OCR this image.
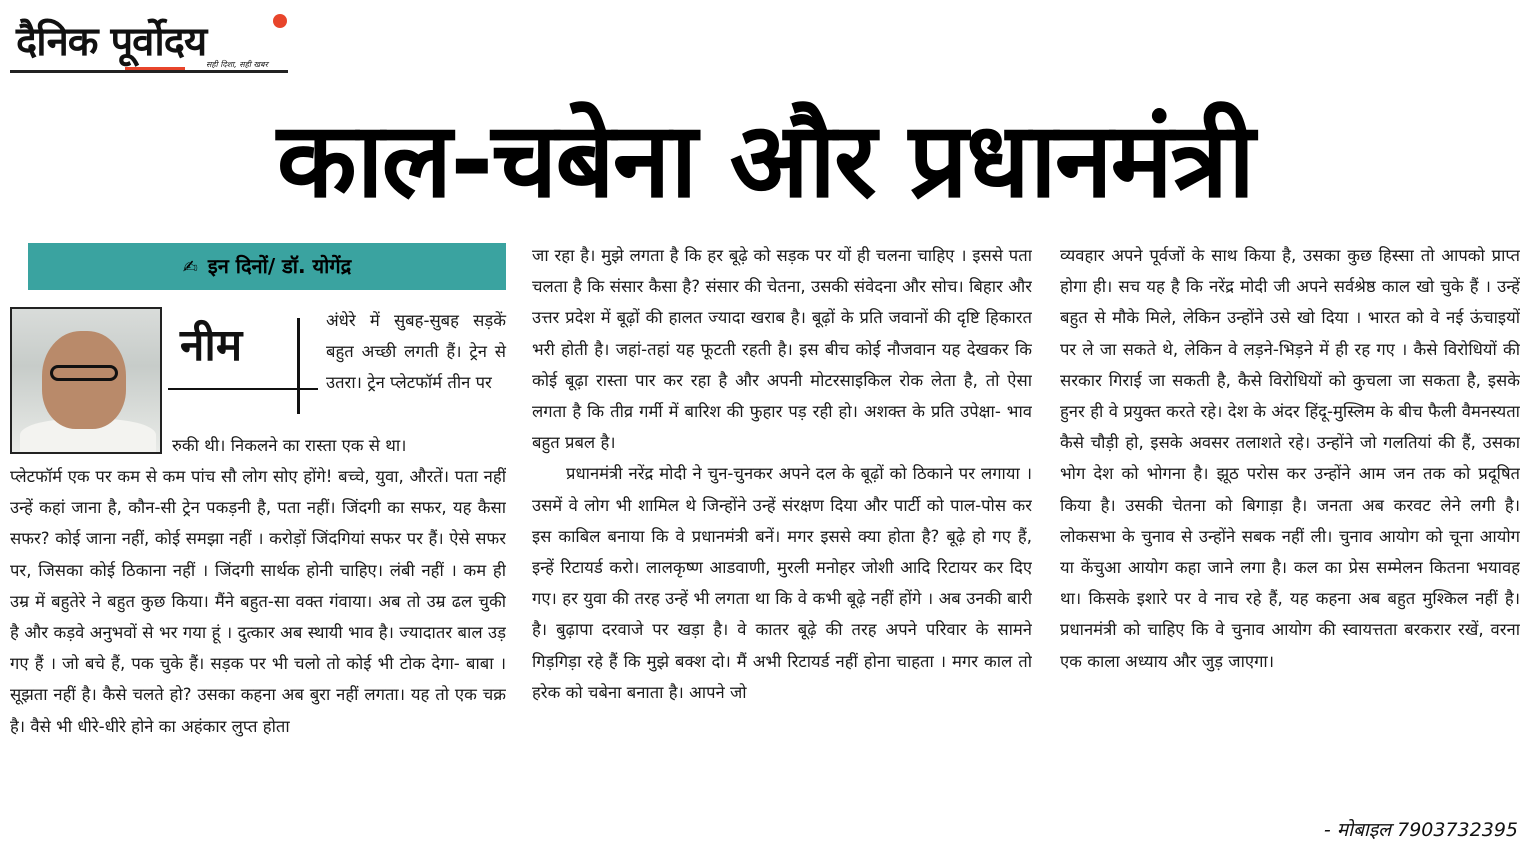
दैनिक पूर्वोदय सही दिशा, सही खबर
काल-चबेना और प्रधानमंत्री
✍ इन दिनों/ डॉ. योगेंद्र
नीम	अंधेरे में सुबह-सुबह सड़कें बहुत अच्छी लगती हैं। ट्रेन से उतरा। ट्रेन प्लेटफॉर्म तीन पर

रुकी थी। निकलने का रास्ता एक से था।

प्लेटफॉर्म एक पर कम से कम पांच सौ लोग सोए होंगे! बच्चे, युवा, औरतें। पता नहीं उन्हें कहां जाना है, कौन-सी ट्रेन पकड़नी है, पता नहीं। जिंदगी का सफर, यह कैसा सफर? कोई जाना नहीं, कोई समझा नहीं । करोड़ों जिंदगियां सफर पर हैं। ऐसे सफर पर, जिसका कोई ठिकाना नहीं । जिंदगी सार्थक होनी चाहिए। लंबी नहीं । कम ही उम्र में बहुतेरे ने बहुत कुछ किया। मैंने बहुत-सा वक्त गंवाया। अब तो उम्र ढल चुकी है और कड़वे अनुभवों से भर गया हूं । दुत्कार अब स्थायी भाव है। ज्यादातर बाल उड़ गए हैं । जो बचे हैं, पक चुके हैं। सड़क पर भी चलो तो कोई भी टोक देगा- बाबा । सूझता नहीं है। कैसे चलते हो? उसका कहना अब बुरा नहीं लगता। यह तो एक चक्र है। वैसे भी धीरे-धीरे होने का अहंकार लुप्त होता

जा रहा है। मुझे लगता है कि हर बूढ़े को सड़क पर यों ही चलना चाहिए । इससे पता चलता है कि संसार कैसा है? संसार की चेतना, उसकी संवेदना और सोच। बिहार और उत्तर प्रदेश में बूढ़ों की हालत ज्यादा खराब है। बूढ़ों के प्रति जवानों की दृष्टि हिकारत भरी होती है। जहां-तहां यह फूटती रहती है। इस बीच कोई नौजवान यह देखकर कि कोई बूढ़ा रास्ता पार कर रहा है और अपनी मोटरसाइकिल रोक लेता है, तो ऐसा लगता है कि तीव्र गर्मी में बारिश की फुहार पड़ रही हो। अशक्त के प्रति उपेक्षा- भाव बहुत प्रबल है।

प्रधानमंत्री नरेंद्र मोदी ने चुन-चुनकर अपने दल के बूढ़ों को ठिकाने पर लगाया । उसमें वे लोग भी शामिल थे जिन्होंने उन्हें संरक्षण दिया और पार्टी को पाल-पोस कर इस काबिल बनाया कि वे प्रधानमंत्री बनें। मगर इससे क्या होता है? बूढ़े हो गए हैं, इन्हें रिटायर्ड करो। लालकृष्ण आडवाणी, मुरली मनोहर जोशी आदि रिटायर कर दिए गए। हर युवा की तरह उन्हें भी लगता था कि वे कभी बूढ़े नहीं होंगे । अब उनकी बारी है। बुढ़ापा दरवाजे पर खड़ा है। वे कातर बूढ़े की तरह अपने परिवार के सामने गिड़गिड़ा रहे हैं कि मुझे बक्श दो। मैं अभी रिटायर्ड नहीं होना चाहता । मगर काल तो हरेक को चबेना बनाता है। आपने जो

व्यवहार अपने पूर्वजों के साथ किया है, उसका कुछ हिस्सा तो आपको प्राप्त होगा ही। सच यह है कि नरेंद्र मोदी जी अपने सर्वश्रेष्ठ काल खो चुके हैं । उन्हें बहुत से मौके मिले, लेकिन उन्होंने उसे खो दिया । भारत को वे नई ऊंचाइयों पर ले जा सकते थे, लेकिन वे लड़ने-भिड़ने में ही रह गए । कैसे विरोधियों की सरकार गिराई जा सकती है, कैसे विरोधियों को कुचला जा सकता है, इसके हुनर ही वे प्रयुक्त करते रहे। देश के अंदर हिंदू-मुस्लिम के बीच फैली वैमनस्यता कैसे चौड़ी हो, इसके अवसर तलाशते रहे। उन्होंने जो गलतियां की हैं, उसका भोग देश को भोगना है। झूठ परोस कर उन्होंने आम जन तक को प्रदूषित किया है। उसकी चेतना को बिगाड़ा है। जनता अब करवट लेने लगी है। लोकसभा के चुनाव से उन्होंने सबक नहीं ली। चुनाव आयोग को चूना आयोग या केंचुआ आयोग कहा जाने लगा है। कल का प्रेस सम्मेलन कितना भयावह था। किसके इशारे पर वे नाच रहे हैं, यह कहना अब बहुत मुश्किल नहीं है। प्रधानमंत्री को चाहिए कि वे चुनाव आयोग की स्वायत्तता बरकरार रखें, वरना एक काला अध्याय और जुड़ जाएगा।

- मोबाइल 7903732395
